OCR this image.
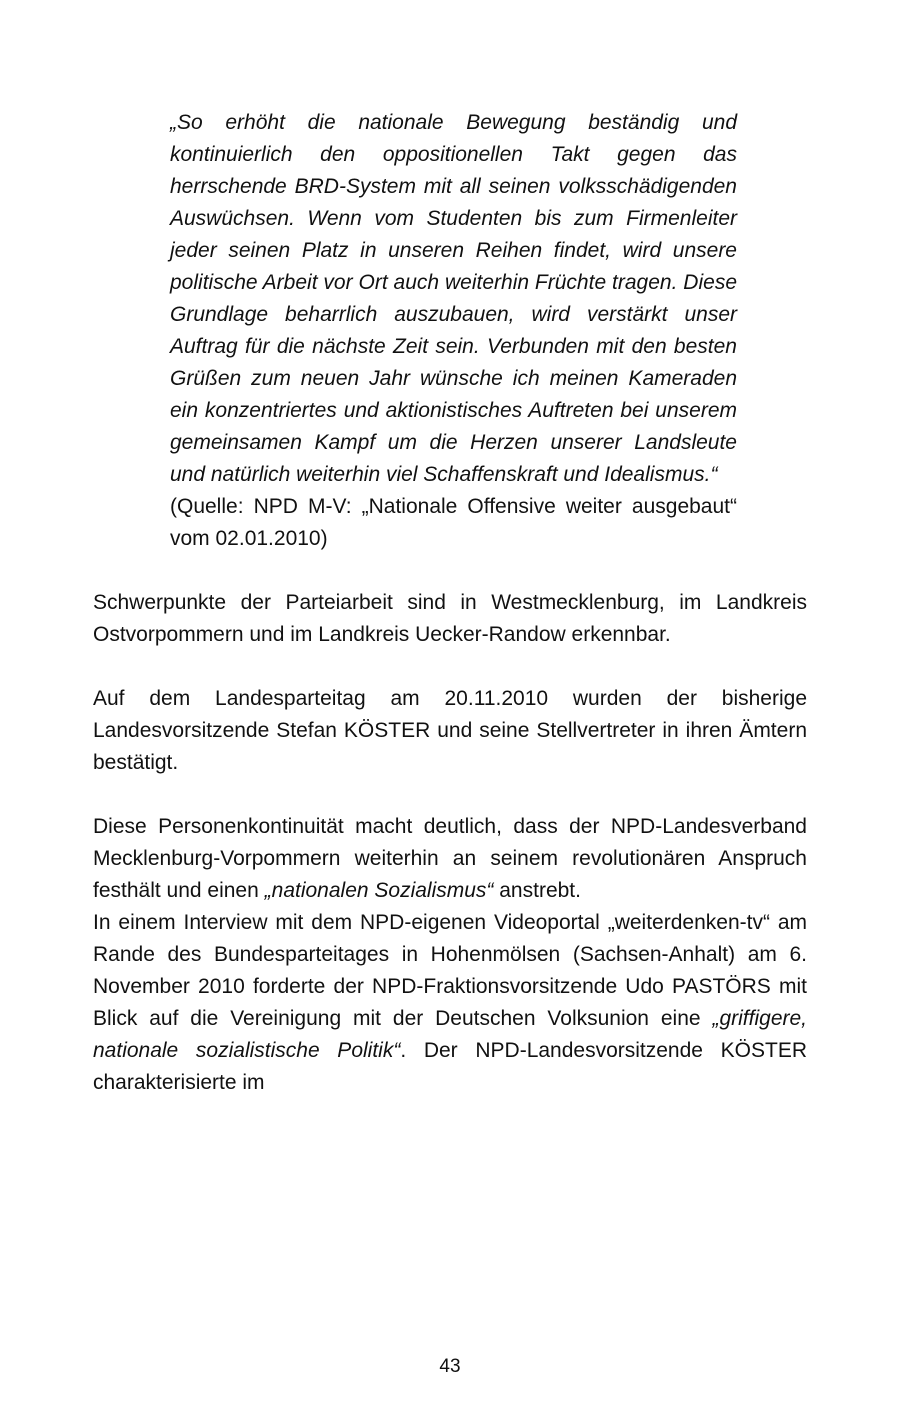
„So erhöht die nationale Bewegung beständig und kontinuierlich den oppositionellen Takt gegen das herrschende BRD-System mit all seinen volksschädigenden Auswüchsen. Wenn vom Studenten bis zum Firmenleiter jeder seinen Platz in unseren Reihen findet, wird unsere politische Arbeit vor Ort auch weiterhin Früchte tragen. Diese Grundlage beharrlich auszubauen, wird verstärkt unser Auftrag für die nächste Zeit sein. Verbunden mit den besten Grüßen zum neuen Jahr wünsche ich meinen Kameraden ein konzentriertes und aktionistisches Auftreten bei unserem gemeinsamen Kampf um die Herzen unserer Landsleute und natürlich weiterhin viel Schaffenskraft und Idealismus.“

(Quelle: NPD M-V: „Nationale Offensive weiter ausgebaut“ vom 02.01.2010)

Schwerpunkte der Parteiarbeit sind in Westmecklenburg, im Landkreis Ostvorpommern und im Landkreis Uecker-Randow erkennbar.

Auf dem Landesparteitag am 20.11.2010 wurden der bisherige Landesvorsitzende Stefan KÖSTER und seine Stellvertreter in ihren Ämtern bestätigt.

Diese Personenkontinuität macht deutlich, dass der NPD-Landesverband Mecklenburg-Vorpommern weiterhin an seinem revolutionären Anspruch festhält und einen „nationalen Sozialismus“ anstrebt.

In einem Interview mit dem NPD-eigenen Videoportal „weiterdenken-tv“ am Rande des Bundesparteitages in Hohenmölsen (Sachsen-Anhalt) am 6. November 2010 forderte der NPD-Fraktionsvorsitzende Udo PASTÖRS mit Blick auf die Vereinigung mit der Deutschen Volksunion eine „griffigere, nationale sozialistische Politik“. Der NPD-Landesvorsitzende KÖSTER charakterisierte im

43
